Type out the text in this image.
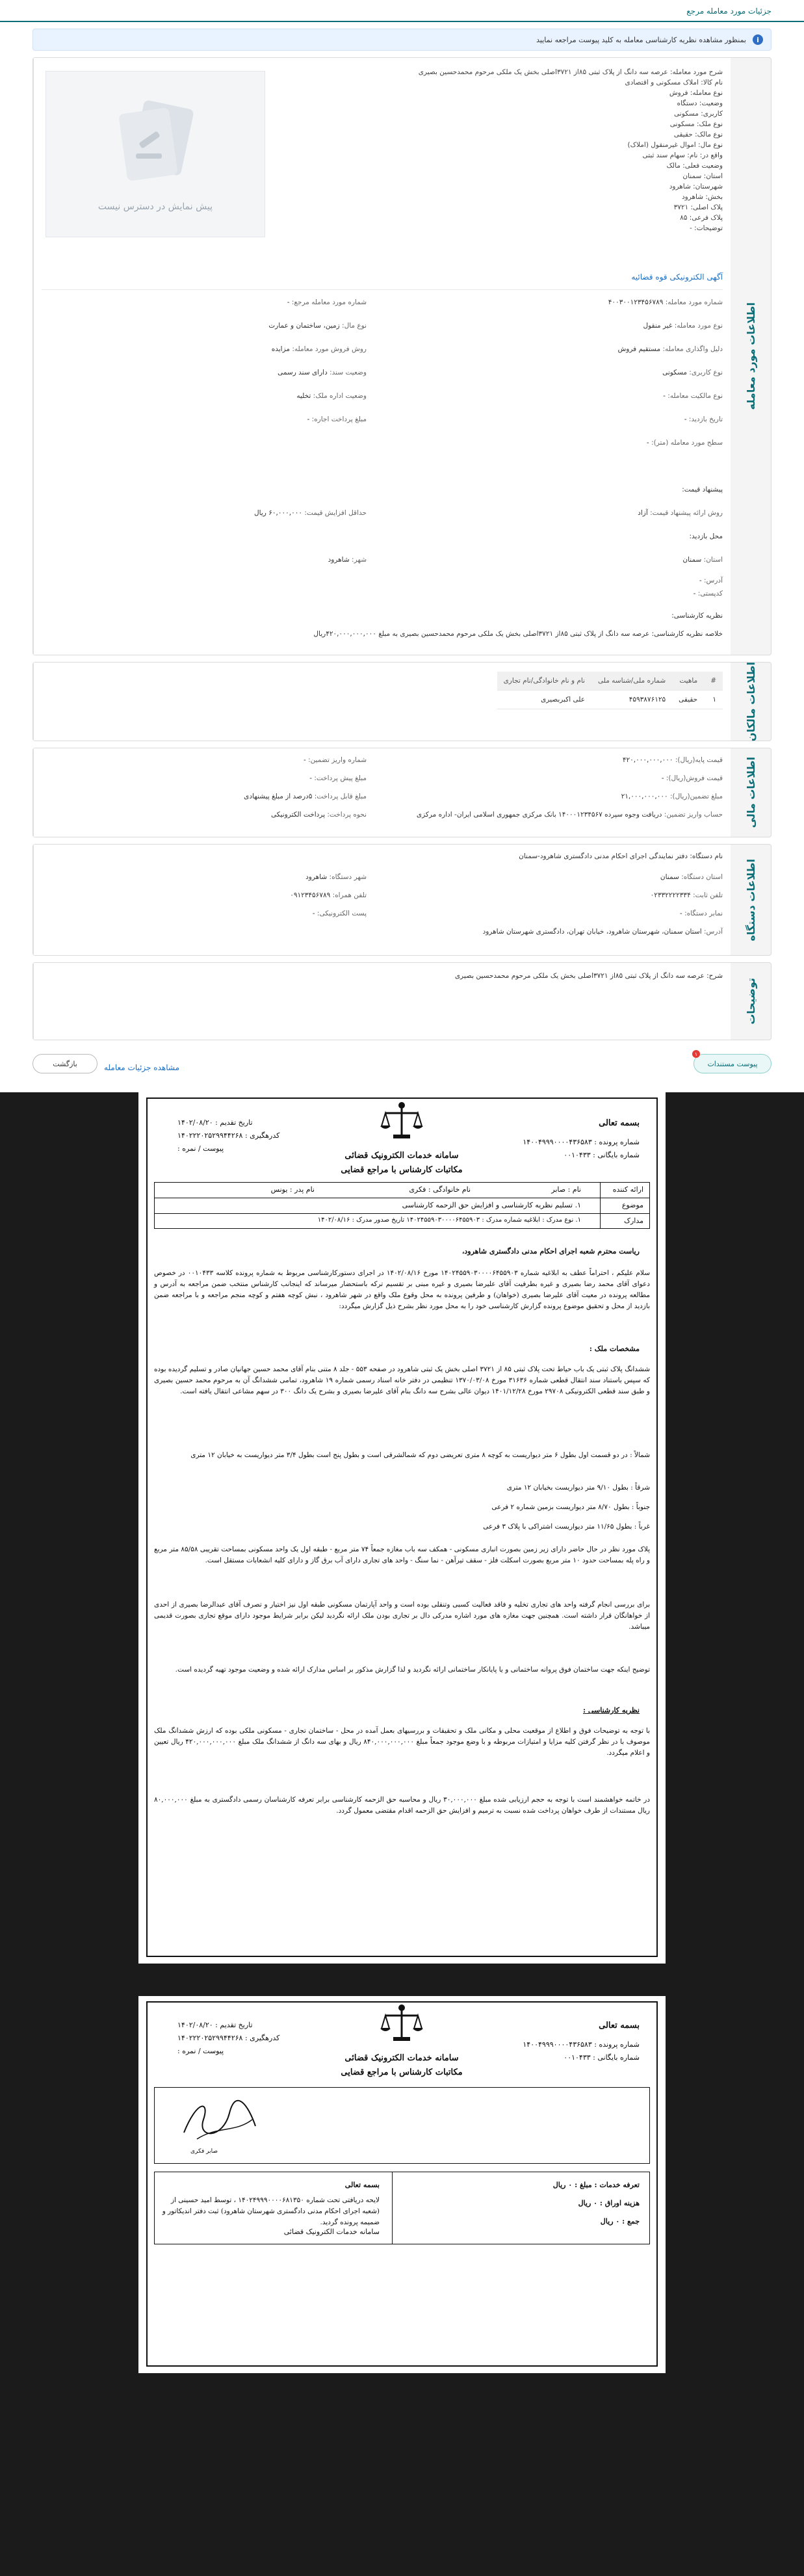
جزئیات مورد معامله مرجع
i
بمنظور مشاهده نظریه کارشناسی معامله به کلید پیوست مراجعه نمایید
اطلاعات مورد معامله
پیش نمایش در دسترس نیست
شرح مورد معامله: عرصه سه دانگ از پلاک ثبتی ۸۵از ۳۷۲۱اصلی بخش یک ملکی مرحوم محمدحسین بصیری
نام کالا: املاک مسکونی و اقتصادی
نوع معامله: فروش
وضعیت: دستگاه
کاربری: مسکونی
نوع ملک: مسکونی
نوع مالک: حقیقی
نوع مال: اموال غیرمنقول (املاک)
واقع در: نام: سهام سند ثبتی
وضعیت فعلی: مالک
استان: سمنان
شهرستان: شاهرود
بخش: شاهرود
پلاک اصلی: ۳۷۲۱
پلاک فرعی: ۸۵
توضیحات: -
آگهی الکترونیکی قوه قضائیه
شماره مورد معامله: ۴۰۰۳۰۰۱۲۳۴۵۶۷۸۹
شماره مورد معامله مرجع: -
نوع مورد معامله: غیر منقول
نوع مال: زمین، ساختمان و عمارت
دلیل واگذاری معامله: مستقیم فروش
روش فروش مورد معامله: مزایده
نوع کاربری: مسکونی
وضعیت سند: دارای سند رسمی
نوع مالکیت معامله: -
وضعیت اداره ملک: تخلیه
تاریخ بازدید: -
مبلغ پرداخت اجاره: -
سطح مورد معامله (متر): -
پیشنهاد قیمت:
روش ارائه پیشنهاد قیمت: آزاد
حداقل افزایش قیمت: ۶۰,۰۰۰,۰۰۰ ریال
محل بازدید:
استان: سمنان
شهر: شاهرود
آدرس: -
کدپستی: -
نظریه کارشناسی:
خلاصه نظریه کارشناسی: عرصه سه دانگ از پلاک ثبتی ۸۵از ۳۷۲۱اصلی بخش یک ملکی مرحوم محمدحسین بصیری به مبلغ ۴۲۰,۰۰۰,۰۰۰,۰۰۰ریال
اطلاعات مالکان
#	ماهیت	شماره ملی/شناسه ملی	نام و نام خانوادگی/نام تجاری
۱	حقیقی	۴۵۹۳۸۷۶۱۲۵	علی اکبربصیری
اطلاعات مالی
قیمت پایه(ریال): ۴۲۰,۰۰۰,۰۰۰,۰۰۰
شماره واریز تضمین: -
قیمت فروش(ریال): -
مبلغ پیش پرداخت: -
مبلغ تضمین(ریال): ۲۱,۰۰۰,۰۰۰,۰۰۰
مبلغ قابل پرداخت: ۵درصد از مبلغ پیشنهادی
حساب واریز تضمین: دریافت وجوه سپرده ۱۴۰۰۰۱۲۳۴۵۶۷ بانک مرکزی جمهوری اسلامی ایران- اداره مرکزی
نحوه پرداخت: پرداخت الکترونیکی
اطلاعات دستگاه
نام دستگاه: دفتر نمایندگی اجرای احکام مدنی دادگستری شاهرود-سمنان
استان دستگاه: سمنان
شهر دستگاه: شاهرود
تلفن ثابت: ۰۲۳۳۲۲۲۲۳۳۴
تلفن همراه: ۰۹۱۲۳۴۵۶۷۸۹
نمابر دستگاه: -
پست الکترونیکی: -
آدرس: استان سمنان، شهرستان شاهرود، خیابان تهران، دادگستری شهرستان شاهرود
توضیحات
شرح: عرصه سه دانگ از پلاک ثبتی ۸۵از ۳۷۲۱اصلی بخش یک ملکی مرحوم محمدحسین بصیری
پیوست مستندات
۱
مشاهده جزئیات معامله
بازگشت
بسمه تعالی
شماره پرونده : ۱۴۰۰۴۹۹۹۰۰۰۰۴۳۶۵۸۳
شماره بایگانی : ۰۰۱۰۴۳۳
تاریخ تقدیم : ۱۴۰۲/۰۸/۲۰
کدرهگیری : ۱۴۰۲۲۲۰۲۵۲۹۹۴۴۲۶۸
پیوست / نمره :
سامانه خدمات الکترونیک قضائی
مکاتبات کارشناس با مراجع قضایی
ارائه کننده
نام : صابر
نام خانوادگی : فکری
نام پدر : یونس
موضوع
۱. تسلیم نظریه کارشناسی و افزایش حق الزحمه کارشناسی
مدارک
۱. نوع مدرک : ابلاغیه شماره مدرک : ۱۴۰۲۴۵۵۹۰۳۰۰۰۰۶۴۵۵۹۰۳ تاریخ صدور مدرک : ۱۴۰۲/۰۸/۱۶
ریاست محترم شعبه اجرای احکام مدنی دادگستری شاهرود،
سلام علیکم ، احتراماً عطف به ابلاغیه شماره ۱۴۰۲۴۵۵۹۰۳۰۰۰۰۶۴۵۵۹۰۳ مورخ ۱۴۰۲/۰۸/۱۶ در اجرای دستورکارشناسی مربوط به شماره پرونده کلاسه ۰۰۱۰۴۳۳ در خصوص دعوای آقای محمد رضا بصیری و غیره بطرفیت آقای علیرضا بصیری و غیره مبنی بر تقسیم ترکه باستحضار میرساند که اینجانب کارشناس منتخب ضمن مراجعه به آدرس و مطالعه پرونده در معیت آقای علیرضا بصیری (خواهان) و طرفین پرونده به محل وقوع ملک واقع در شهر شاهرود ، نبش کوچه هفتم و کوچه منجم مراجعه و با مراجعه ضمن بازدید از محل و تحقیق موضوع پرونده گزارش کارشناسی خود را به محل مورد نظر بشرح ذیل گزارش میگردد:
مشخصات ملک :
ششدانگ پلاک ثبتی یک باب حیاط تحت پلاک ثبتی ۸۵ از ۳۷۲۱ اصلی بخش یک ثبتی شاهرود در صفحه ۵۵۳ - جلد ۸ متنی بنام آقای محمد حسین جهانیان صادر و تسلیم گردیده بوده که سپس باستناد سند انتقال قطعی شماره ۳۱۶۳۶ مورخ ۱۳۷۰/۰۳/۰۸ تنظیمی در دفتر خانه اسناد رسمی شماره ۱۹ شاهرود، تمامی ششدانگ آن به مرحوم محمد حسین بصیری و طبق سند قطعی الکترونیکی ۲۹۷۰۸ مورخ ۱۴۰۱/۱۲/۲۸ دیوان عالی بشرح سه دانگ بنام آقای علیرضا بصیری و بشرح یک دانگ ۳۰۰ در سهم مشاعی انتقال یافته است.
شمالاً : در دو قسمت اول بطول ۶ متر دیواریست به کوچه ۸ متری تعریضی دوم که شمالشرقی است و بطول پنج است بطول ۳/۴ متر دیواریست به خیابان ۱۲ متری
شرقاً : بطول ۹/۱۰ متر دیواریست بخیابان ۱۲ متری
جنوباً : بطول ۸/۷۰ متر دیواریست بزمین شماره ۲ فرعی
غرباً : بطول ۱۱/۶۵ متر دیواریست اشتراکی با پلاک ۳ فرعی
پلاک مورد نظر در حال حاضر دارای زیر زمین بصورت انباری مسکونی - همکف سه باب مغازه جمعاً ۷۴ متر مربع - طبقه اول یک واحد مسکونی بمساحت تقریبی ۸۵/۵۸ متر مربع و راه پله بمساحت حدود ۱۰ متر مربع بصورت اسکلت فلز - سقف تیرآهن - نما سنگ - واحد های تجاری دارای آب برق گاز و دارای کلیه انشعابات مستقل است.
برای بررسی انجام گرفته واحد های تجاری تخلیه و فاقد فعالیت کسبی وتنقلی بوده است و واحد آپارتمان مسکونی طبقه اول نیز اختیار و تصرف آقای عبدالرضا بصیری از احدی از خواهانگان قرار داشته است. همچنین جهت مغازه های مورد اشاره مدرکی دال بر تجاری بودن ملک ارائه نگردید لیکن برابر شرایط موجود دارای موقع تجاری بصورت قدیمی میباشد.
توضیح اینکه جهت ساختمان فوق پروانه ساختمانی و یا پایانکار ساختمانی ارائه نگردید و لذا گزارش مذکور بر اساس مدارک ارائه شده و وضعیت موجود تهیه گردیده است.
نظریه کارشناسی :
با توجه به توضیحات فوق و اطلاع از موقعیت محلی و مکانی ملک و تحقیقات و بررسیهای بعمل آمده در محل - ساختمان تجاری - مسکونی ملکی بوده که ارزش ششدانگ ملک موصوف با در نظر گرفتن کلیه مزایا و امتیازات مربوطه و با وضع موجود جمعاً مبلغ ۸۴۰,۰۰۰,۰۰۰,۰۰۰ ریال و بهای سه دانگ از ششدانگ ملک مبلغ ۴۲۰,۰۰۰,۰۰۰,۰۰۰ ریال تعیین و اعلام میگردد.
در خاتمه خواهشمند است با توجه به حجم ارزیابی شده مبلغ ۳۰,۰۰۰,۰۰۰ ریال و محاسبه حق الزحمه کارشناسی برابر تعرفه کارشناسان رسمی دادگستری به مبلغ ۸۰,۰۰۰,۰۰۰ ریال مستندات از طرف خواهان پرداخت شده نسبت به ترمیم و افزایش حق الزحمه اقدام مقتضی معمول گردد.
بسمه تعالی
شماره پرونده : ۱۴۰۰۴۹۹۹۰۰۰۰۴۳۶۵۸۳
شماره بایگانی : ۰۰۱۰۴۳۳
تاریخ تقدیم : ۱۴۰۲/۰۸/۲۰
کدرهگیری : ۱۴۰۲۲۲۰۲۵۲۹۹۴۴۲۶۸
پیوست / نمره :
سامانه خدمات الکترونیک قضائی
مکاتبات کارشناس با مراجع قضایی
صابر فکری
تعرفه خدمات : مبلغ : ۰ ریال
هزینه اوراق : ۰ ریال
جمع : ۰ ریال
بسمه تعالی
لایحه دریافتی تحت شماره ۱۴۰۲۴۹۹۹۰۰۰۰۶۸۱۳۵۰ ، توسط امید حسینی از (شعبه اجرای احکام مدنی دادگستری شهرستان شاهرود) ثبت دفتر اندیکاتور و ضمیمه پرونده گردید.
سامانه خدمات الکترونیک قضائی
